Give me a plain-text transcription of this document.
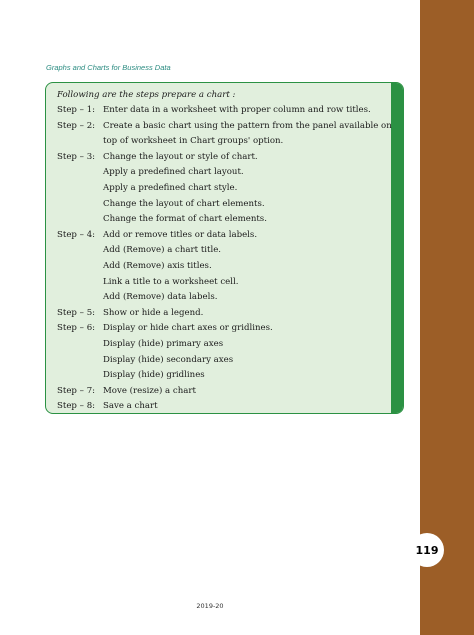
119
Graphs and Charts for Business Data
Following are the steps prepare a chart :
Step – 1: Enter data in a worksheet with proper column and row titles.
Step – 2: Create a basic chart using the pattern from the panel available on
top of worksheet in Chart groups' option.
Step – 3: Change the layout or style of chart.
Apply a predefined chart layout.
Apply a predefined chart style.
Change the layout of chart elements.
Change the format of chart elements.
Step – 4: Add or remove titles or data labels.
Add (Remove) a chart title.
Add (Remove) axis titles.
Link a title to a worksheet cell.
Add (Remove) data labels.
Step – 5: Show or hide a legend.
Step – 6: Display or hide chart axes or gridlines.
Display (hide) primary axes
Display (hide) secondary axes
Display (hide) gridlines
Step – 7: Move (resize) a chart
Step – 8: Save a chart
2019-20
